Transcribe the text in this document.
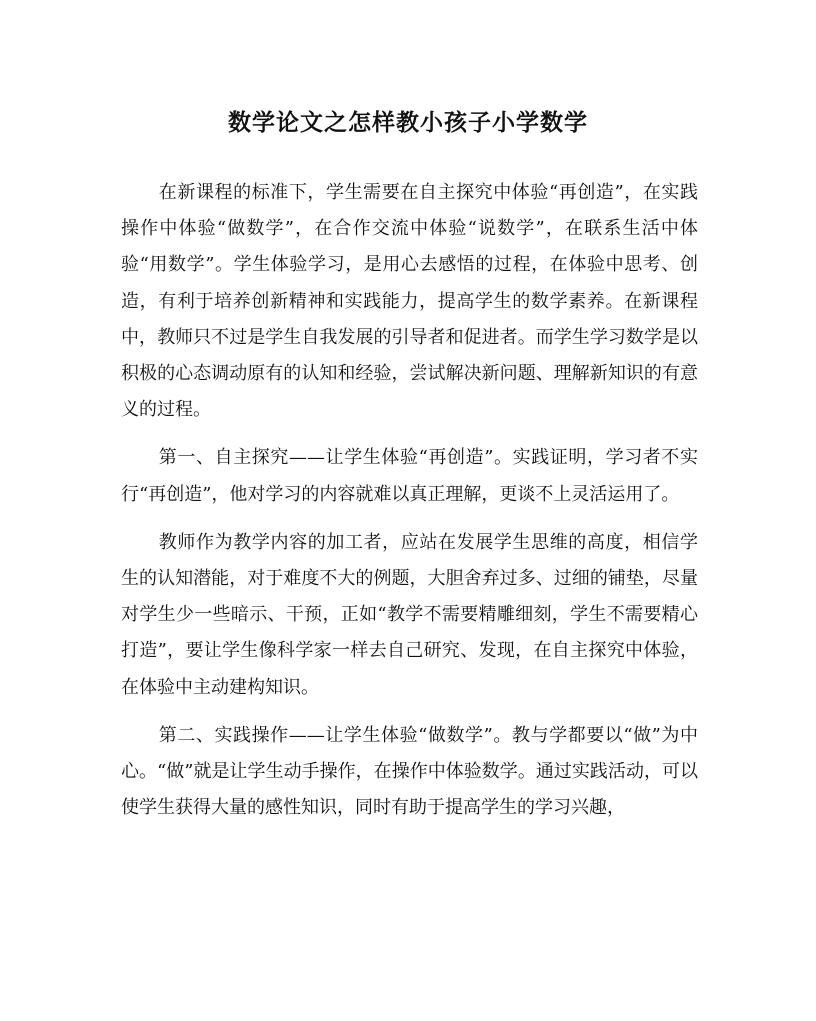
数学论文之怎样教小孩子小学数学

在新课程的标准下，学生需要在自主探究中体验“再创造”，在实践操作中体验“做数学”，在合作交流中体验“说数学”，在联系生活中体验“用数学”。学生体验学习，是用心去感悟的过程，在体验中思考、创造，有利于培养创新精神和实践能力，提高学生的数学素养。在新课程中，教师只不过是学生自我发展的引导者和促进者。而学生学习数学是以积极的心态调动原有的认知和经验，尝试解决新问题、理解新知识的有意义的过程。

第一、自主探究——让学生体验“再创造”。实践证明，学习者不实行“再创造”，他对学习的内容就难以真正理解，更谈不上灵活运用了。

教师作为教学内容的加工者，应站在发展学生思维的高度，相信学生的认知潜能，对于难度不大的例题，大胆舍弃过多、过细的铺垫，尽量对学生少一些暗示、干预，正如“教学不需要精雕细刻，学生不需要精心打造”，要让学生像科学家一样去自己研究、发现，在自主探究中体验，在体验中主动建构知识。

第二、实践操作——让学生体验“做数学”。教与学都要以“做”为中心。“做”就是让学生动手操作，在操作中体验数学。通过实践活动，可以使学生获得大量的感性知识，同时有助于提高学生的学习兴趣，
